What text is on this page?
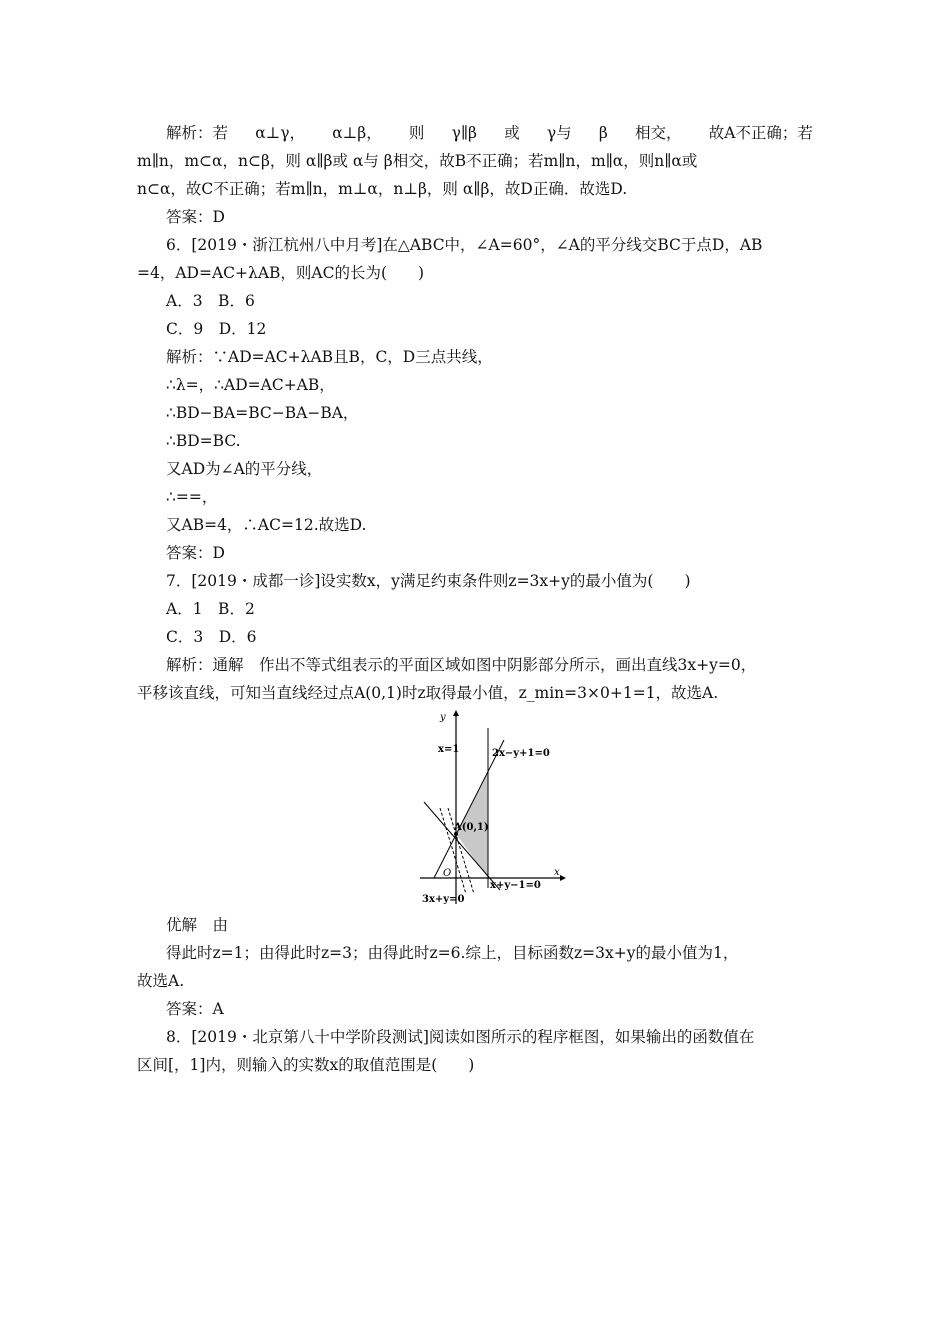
解析：若 α⊥γ， α⊥β， 则 γ∥β 或 γ与 β 相交， 故A不正确；若
m∥n，m⊂α，n⊂β，则 α∥β或 α与 β相交，故B不正确；若m∥n，m∥α，则n∥α或
n⊂α，故C不正确；若m∥n，m⊥α，n⊥β，则 α∥β，故D正确．故选D.
答案：D
6．[2019・浙江杭州八中月考]在△ABC中，∠A=60°，∠A的平分线交BC于点D，AB
=4，AD=AC+λAB，则AC的长为(　　)
A．3　B．6
C．9　D．12
解析：∵AD=AC+λAB且B，C，D三点共线，
∴λ=，∴AD=AC+AB，
∴BD−BA=BC−BA−BA，
∴BD=BC.
又AD为∠A的平分线，
∴==，
又AB=4，∴AC=12.故选D.
答案：D
7．[2019・成都一诊]设实数x，y满足约束条件则z=3x+y的最小值为(　　)
A．1　B．2
C．3　D．6
解析：通解　作出不等式组表示的平面区域如图中阴影部分所示，画出直线3x+y=0，
平移该直线，可知当直线经过点A(0,1)时z取得最小值，z_min=3×0+1=1，故选A.
y
x
O
x=1	2x−y+1=0
A(0,1)
x+y−1=0
3x+y=0
优解　由
得此时z=1；由得此时z=3；由得此时z=6.综上，目标函数z=3x+y的最小值为1，
故选A.
答案：A
8．[2019・北京第八十中学阶段测试]阅读如图所示的程序框图，如果输出的函数值在
区间[，1]内，则输入的实数x的取值范围是(　　)
